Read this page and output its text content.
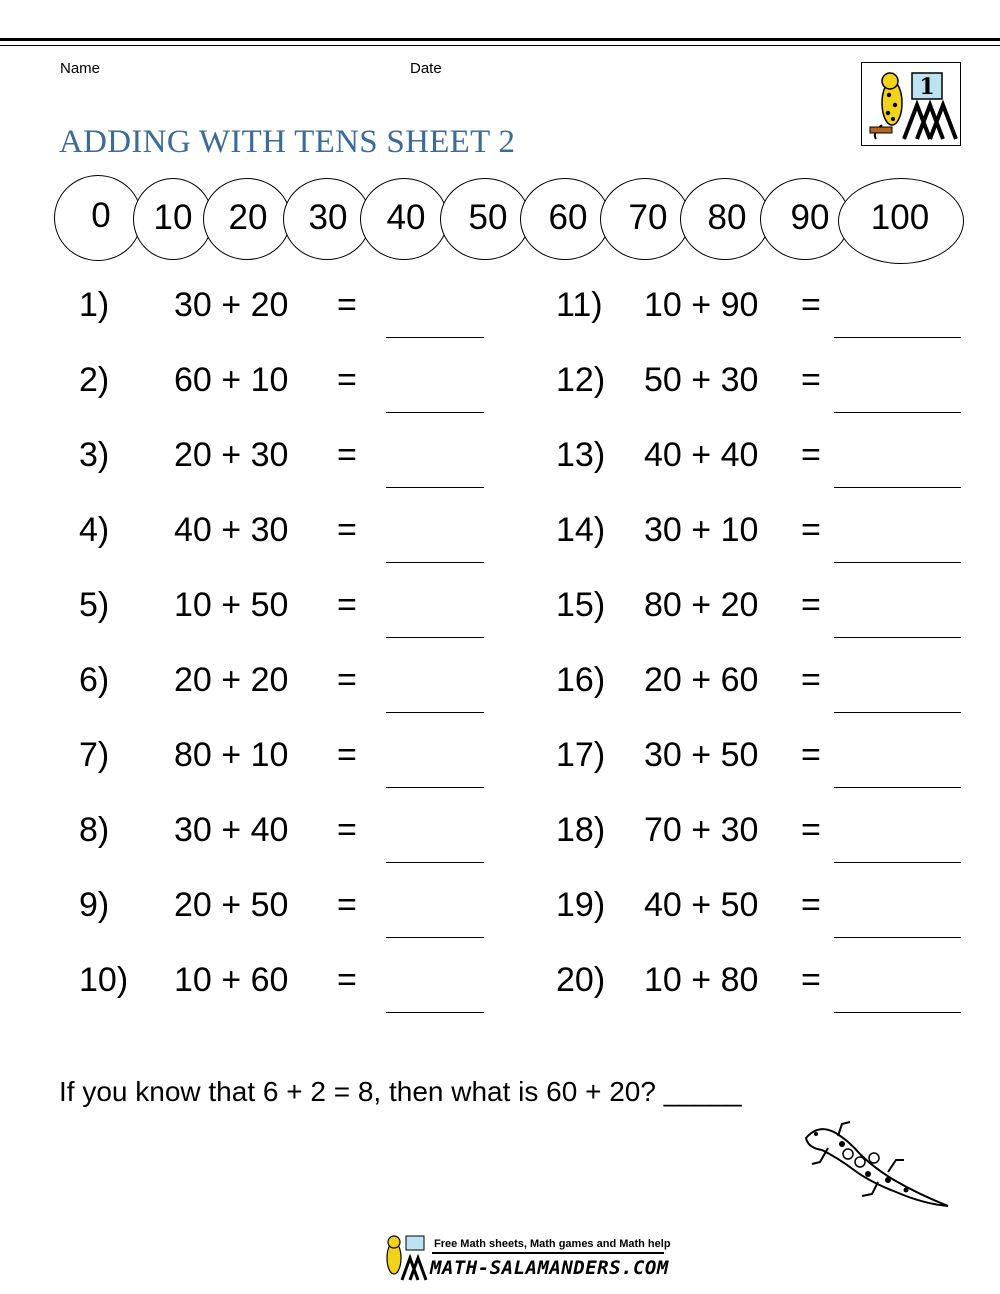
Name	Date
1
ADDING WITH TENS SHEET 2
0	10	20	30	40	50	60	70	80	90	100
1) 30 + 20 =
2) 60 + 10 =
3) 20 + 30 =
4) 40 + 30 =
5) 10 + 50 =
6) 20 + 20 =
7) 80 + 10 =
8) 30 + 40 =
9) 20 + 50 =
10) 10 + 60 =
11) 10 + 90 =
12) 50 + 30 =
13) 40 + 40 =
14) 30 + 10 =
15) 80 + 20 =
16) 20 + 60 =
17) 30 + 50 =
18) 70 + 30 =
19) 40 + 50 =
20) 10 + 80 =
If you know that 6 + 2 = 8, then what is 60 + 20? _____
Free Math sheets, Math games and Math help
MATH-SALAMANDERS.COM
